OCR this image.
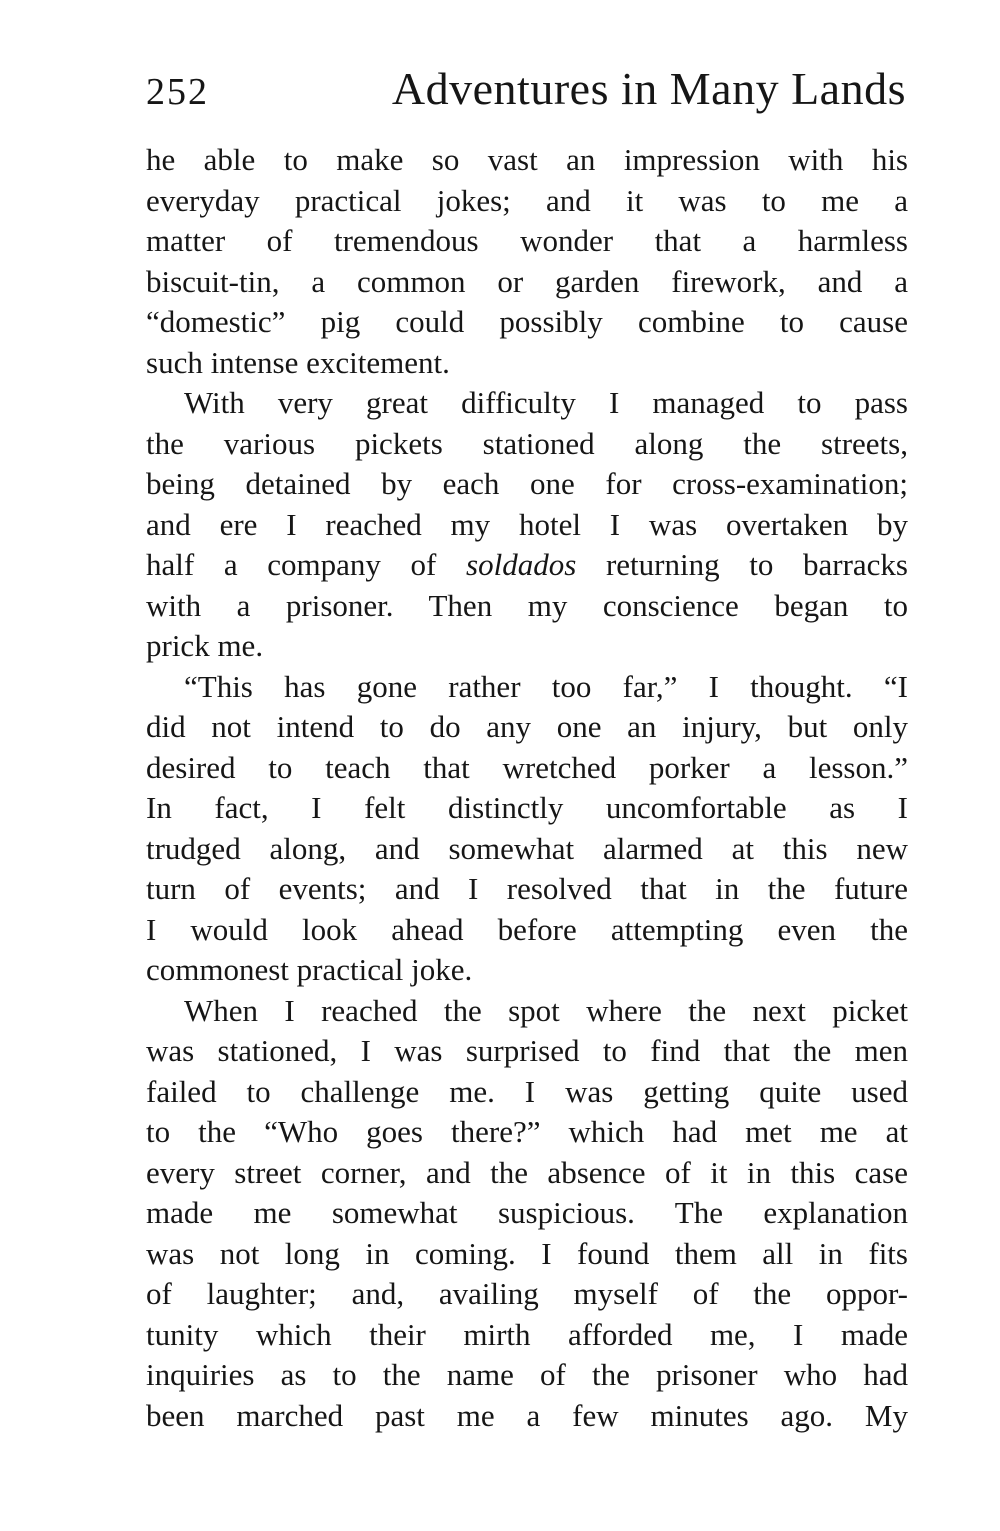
252	Adventures in Many Lands
he able to make so vast an impression with his
everyday practical jokes; and it was to me a
matter of tremendous wonder that a harmless
biscuit-tin, a common or garden firework, and a
“domestic” pig could possibly combine to cause
such intense excitement.
With very great difficulty I managed to pass
the various pickets stationed along the streets,
being detained by each one for cross-examination;
and ere I reached my hotel I was overtaken by
half a company of soldados returning to barracks
with a prisoner. Then my conscience began to
prick me.
“This has gone rather too far,” I thought. “I
did not intend to do any one an injury, but only
desired to teach that wretched porker a lesson.”
In fact, I felt distinctly uncomfortable as I
trudged along, and somewhat alarmed at this new
turn of events; and I resolved that in the future
I would look ahead before attempting even the
commonest practical joke.
When I reached the spot where the next picket
was stationed, I was surprised to find that the men
failed to challenge me. I was getting quite used
to the “Who goes there?” which had met me at
every street corner, and the absence of it in this case
made me somewhat suspicious. The explanation
was not long in coming. I found them all in fits
of laughter; and, availing myself of the oppor-
tunity which their mirth afforded me, I made
inquiries as to the name of the prisoner who had
been marched past me a few minutes ago. My
